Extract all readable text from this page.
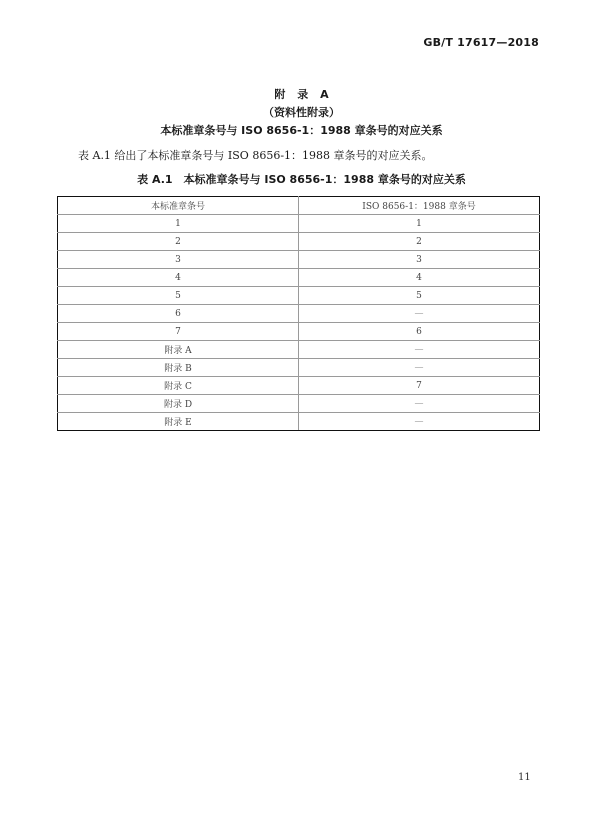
GB/T 17617—2018
附 录 A
（资料性附录）
本标准章条号与 ISO 8656-1：1988 章条号的对应关系
表 A.1 给出了本标准章条号与 ISO 8656-1：1988 章条号的对应关系。
表 A.1　本标准章条号与 ISO 8656-1：1988 章条号的对应关系
本标准章条号	ISO 8656-1：1988 章条号
1	1
2	2
3	3
4	4
5	5
6	—
7	6
附录 A	—
附录 B	—
附录 C	7
附录 D	—
附录 E	—
11
